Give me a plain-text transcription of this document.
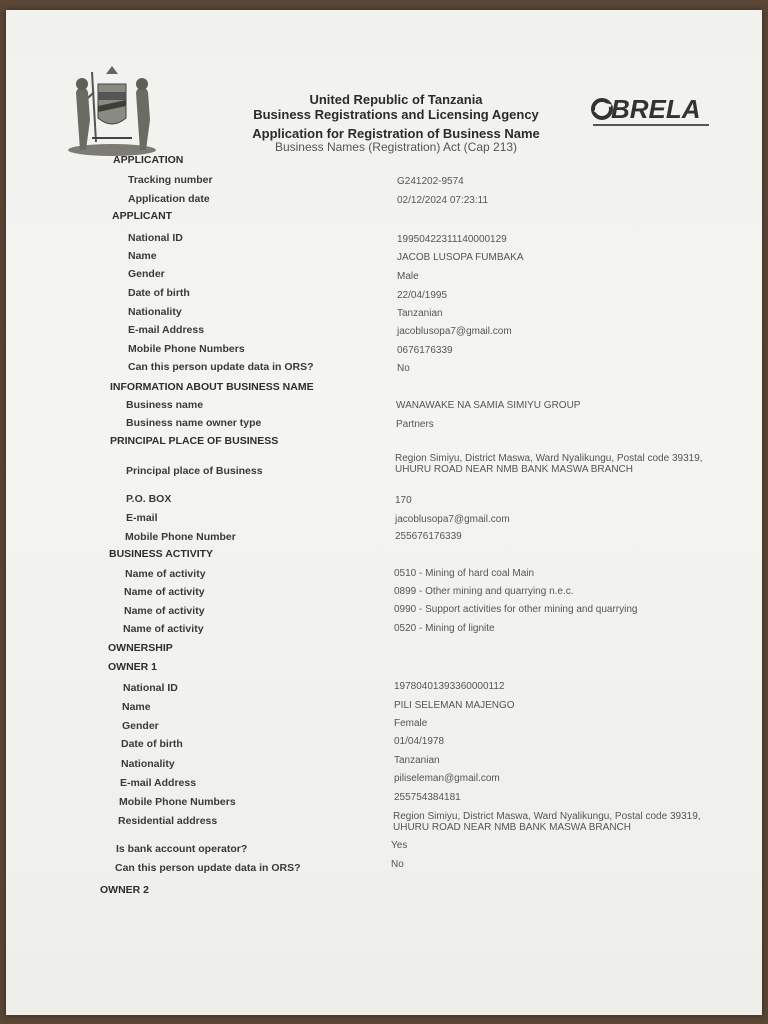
BRELA
United Republic of Tanzania
Business Registrations and Licensing Agency
Application for Registration of Business Name
Business Names (Registration) Act (Cap 213)
APPLICATION
Tracking number	G241202-9574
Application date	02/12/2024 07:23:11
APPLICANT
National ID	19950422311140000129
Name	JACOB LUSOPA FUMBAKA
Gender	Male
Date of birth	22/04/1995
Nationality	Tanzanian
E-mail Address	jacoblusopa7@gmail.com
Mobile Phone Numbers	0676176339
Can this person update data in ORS?	No
INFORMATION ABOUT BUSINESS NAME
Business name	WANAWAKE NA SAMIA SIMIYU GROUP
Business name owner type	Partners
PRINCIPAL PLACE OF BUSINESS
Principal place of Business
Region Simiyu, District Maswa, Ward Nyalikungu, Postal code 39319, UHURU ROAD NEAR NMB BANK MASWA BRANCH
P.O. BOX	170
E-mail	jacoblusopa7@gmail.com
Mobile Phone Number	255676176339
BUSINESS ACTIVITY
Name of activity	0510 - Mining of hard coal Main
Name of activity	0899 - Other mining and quarrying n.e.c.
Name of activity	0990 - Support activities for other mining and quarrying
Name of activity	0520 - Mining of lignite
OWNERSHIP
OWNER 1
National ID	19780401393360000112
Name	PILI SELEMAN MAJENGO
Gender	Female
Date of birth	01/04/1978
Nationality	Tanzanian
E-mail Address	piliseleman@gmail.com
Mobile Phone Numbers	255754384181
Residential address	Region Simiyu, District Maswa, Ward Nyalikungu, Postal code 39319, UHURU ROAD NEAR NMB BANK MASWA BRANCH
Is bank account operator?	Yes
Can this person update data in ORS?	No
OWNER 2
